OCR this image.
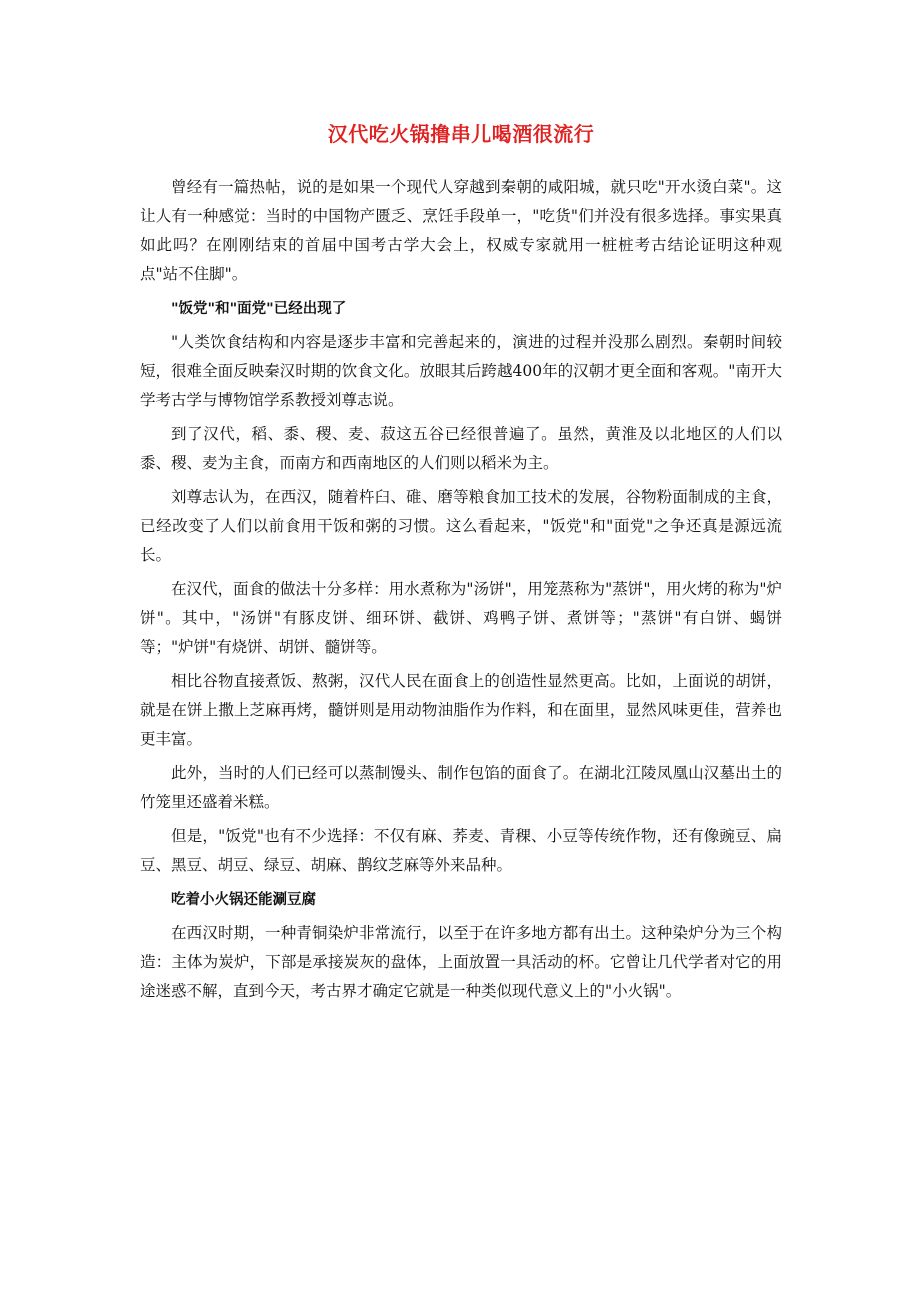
汉代吃火锅撸串儿喝酒很流行

曾经有一篇热帖，说的是如果一个现代人穿越到秦朝的咸阳城，就只吃"开水烫白菜"。这让人有一种感觉：当时的中国物产匮乏、烹饪手段单一，"吃货"们并没有很多选择。事实果真如此吗？在刚刚结束的首届中国考古学大会上，权威专家就用一桩桩考古结论证明这种观点"站不住脚"。

"饭党"和"面党"已经出现了

"人类饮食结构和内容是逐步丰富和完善起来的，演进的过程并没那么剧烈。秦朝时间较短，很难全面反映秦汉时期的饮食文化。放眼其后跨越400年的汉朝才更全面和客观。"南开大学考古学与博物馆学系教授刘尊志说。

到了汉代，稻、黍、稷、麦、菽这五谷已经很普遍了。虽然，黄淮及以北地区的人们以黍、稷、麦为主食，而南方和西南地区的人们则以稻米为主。

刘尊志认为，在西汉，随着杵臼、碓、磨等粮食加工技术的发展，谷物粉面制成的主食，已经改变了人们以前食用干饭和粥的习惯。这么看起来，"饭党"和"面党"之争还真是源远流长。

在汉代，面食的做法十分多样：用水煮称为"汤饼"，用笼蒸称为"蒸饼"，用火烤的称为"炉饼"。其中，"汤饼"有豚皮饼、细环饼、截饼、鸡鸭子饼、煮饼等；"蒸饼"有白饼、蝎饼等；"炉饼"有烧饼、胡饼、髓饼等。

相比谷物直接煮饭、熬粥，汉代人民在面食上的创造性显然更高。比如，上面说的胡饼，就是在饼上撒上芝麻再烤，髓饼则是用动物油脂作为作料，和在面里，显然风味更佳，营养也更丰富。

此外，当时的人们已经可以蒸制馒头、制作包馅的面食了。在湖北江陵凤凰山汉墓出土的竹笼里还盛着米糕。

但是，"饭党"也有不少选择：不仅有麻、荞麦、青稞、小豆等传统作物，还有像豌豆、扁豆、黑豆、胡豆、绿豆、胡麻、鹊纹芝麻等外来品种。

吃着小火锅还能涮豆腐

在西汉时期，一种青铜染炉非常流行，以至于在许多地方都有出土。这种染炉分为三个构造：主体为炭炉，下部是承接炭灰的盘体，上面放置一具活动的杯。它曾让几代学者对它的用途迷惑不解，直到今天，考古界才确定它就是一种类似现代意义上的"小火锅"。
